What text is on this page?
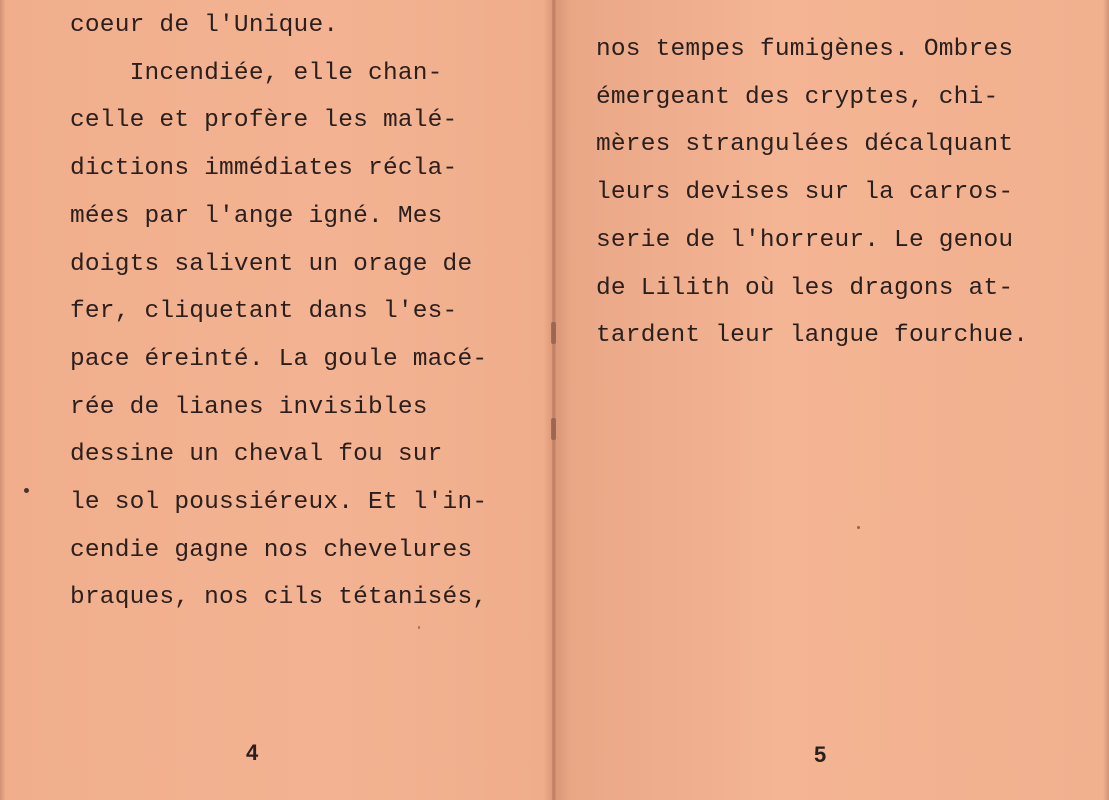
coeur de l'Unique.
Incendiée, elle chan-
celle et profère les malé-
dictions immédiates récla-
mées par l'ange igné. Mes
doigts salivent un orage de
fer, cliquetant dans l'es-
pace éreinté. La goule macé-
rée de lianes invisibles
dessine un cheval fou sur
le sol poussiéreux. Et l'in-
cendie gagne nos chevelures
braques, nos cils tétanisés,
nos tempes fumigènes. Ombres
émergeant des cryptes, chi-
mères strangulées décalquant
leurs devises sur la carros-
serie de l'horreur. Le genou
de Lilith où les dragons at-
tardent leur langue fourchue.
4	5
